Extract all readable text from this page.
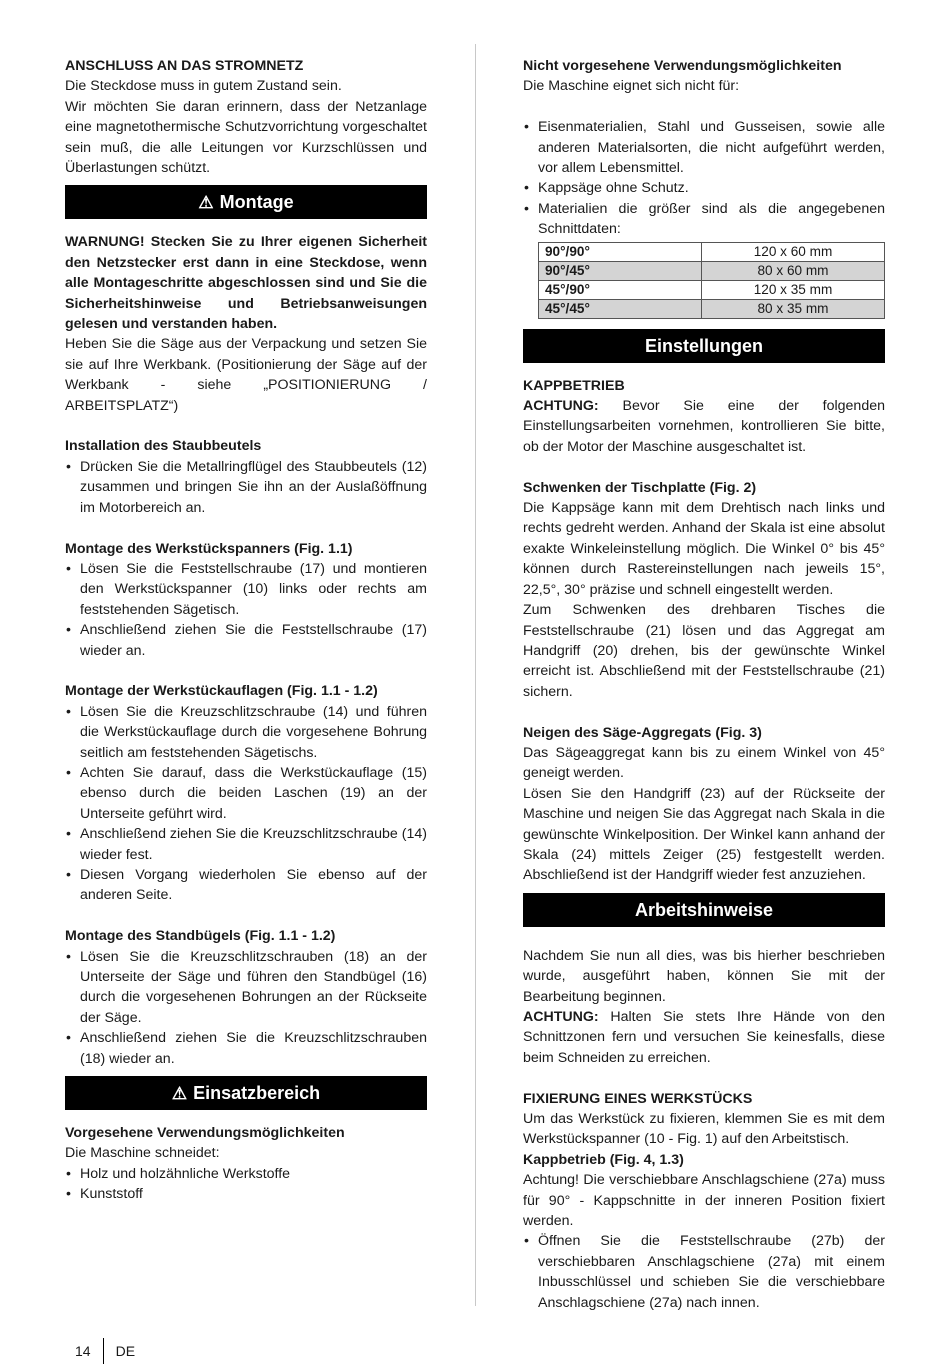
ANSCHLUSS AN DAS STROMNETZ

Die Steckdose muss in gutem Zustand sein.

Wir möchten Sie daran erinnern, dass der Netzanlage eine magnetothermische Schutzvorrichtung vorgeschaltet sein muß, die alle Leitungen vor Kurzschlüssen und Überlastungen schützt.

⚠ Montage

WARNUNG! Stecken Sie zu Ihrer eigenen Sicherheit den Netzstecker erst dann in eine Steckdose, wenn alle Montageschritte abgeschlossen sind und Sie die Sicherheitshinweise und Betriebsanweisungen gelesen und verstanden haben.

Heben Sie die Säge aus der Verpackung und setzen Sie sie auf Ihre Werkbank. (Positionierung der Säge auf der Werkbank - siehe „POSITIONIERUNG / ARBEITSPLATZ“)

Installation des Staubbeutels

• Drücken Sie die Metallringflügel des Staubbeutels (12) zusammen und bringen Sie ihn an der Auslaßöffnung im Motorbereich an.

Montage des Werkstückspanners (Fig. 1.1)

• Lösen Sie die Feststellschraube (17) und montieren den Werkstückspanner (10) links oder rechts am feststehenden Sägetisch.
• Anschließend ziehen Sie die Feststellschraube (17) wieder an.

Montage der Werkstückauflagen (Fig. 1.1 - 1.2)

• Lösen Sie die Kreuzschlitzschraube (14) und führen die Werkstückauflage durch die vorgesehene Bohrung seitlich am feststehenden Sägetischs.
• Achten Sie darauf, dass die Werkstückauflage (15) ebenso durch die beiden Laschen (19) an der Unterseite geführt wird.
• Anschließend ziehen Sie die Kreuzschlitzschraube (14) wieder fest.
• Diesen Vorgang wiederholen Sie ebenso auf der anderen Seite.

Montage des Standbügels (Fig. 1.1 - 1.2)

• Lösen Sie die Kreuzschlitzschrauben (18) an der Unterseite der Säge und führen den Standbügel (16) durch die vorgesehenen Bohrungen an der Rückseite der Säge.
• Anschließend ziehen Sie die Kreuzschlitzschrauben (18) wieder an.
⚠ Einsatzbereich

Vorgesehene Verwendungsmöglichkeiten

Die Maschine schneidet:

• Holz und holzähnliche Werkstoffe
• Kunststoff

Nicht vorgesehene Verwendungsmöglichkeiten

Die Maschine eignet sich nicht für:

• Eisenmaterialien, Stahl und Gusseisen, sowie alle anderen Materialsorten, die nicht aufgeführt werden, vor allem Lebensmittel.
• Kappsäge ohne Schutz.
• Materialien die größer sind als die angegebenen Schnittdaten:
90°/90°	120 x 60 mm
90°/45°	80 x 60 mm
45°/90°	120 x 35 mm
45°/45°	80 x 35 mm
Einstellungen

KAPPBETRIEB

ACHTUNG: Bevor Sie eine der folgenden Einstellungsarbeiten vornehmen, kontrollieren Sie bitte, ob der Motor der Maschine ausgeschaltet ist.

Schwenken der Tischplatte (Fig. 2)

Die Kappsäge kann mit dem Drehtisch nach links und rechts gedreht werden. Anhand der Skala ist eine absolut exakte Winkeleinstellung möglich. Die Winkel 0° bis 45° können durch Rastereinstellungen nach jeweils 15°, 22,5°, 30° präzise und schnell eingestellt werden.

Zum Schwenken des drehbaren Tisches die Feststellschraube (21) lösen und das Aggregat am Handgriff (20) drehen, bis der gewünschte Winkel erreicht ist. Abschließend mit der Feststellschraube (21) sichern.

Neigen des Säge-Aggregats (Fig. 3)

Das Sägeaggregat kann bis zu einem Winkel von 45° geneigt werden.

Lösen Sie den Handgriff (23) auf der Rückseite der Maschine und neigen Sie das Aggregat nach Skala in die gewünschte Winkelposition. Der Winkel kann anhand der Skala (24) mittels Zeiger (25) festgestellt werden. Abschließend ist der Handgriff wieder fest anzuziehen.

Arbeitshinweise

Nachdem Sie nun all dies, was bis hierher beschrieben wurde, ausgeführt haben, können Sie mit der Bearbeitung beginnen.

ACHTUNG: Halten Sie stets Ihre Hände von den Schnittzonen fern und versuchen Sie keinesfalls, diese beim Schneiden zu erreichen.

FIXIERUNG EINES WERKSTÜCKS

Um das Werkstück zu fixieren, klemmen Sie es mit dem Werkstückspanner (10 - Fig. 1) auf den Arbeitstisch.

Kappbetrieb (Fig. 4, 1.3)

Achtung! Die verschiebbare Anschlagschiene (27a) muss für 90° - Kappschnitte in der inneren Position fixiert werden.

• Öffnen Sie die Feststellschraube (27b) der verschiebbaren Anschlagschiene (27a) mit einem Inbusschlüssel und schieben Sie die verschiebbare Anschlagschiene (27a) nach innen.
14 DE
